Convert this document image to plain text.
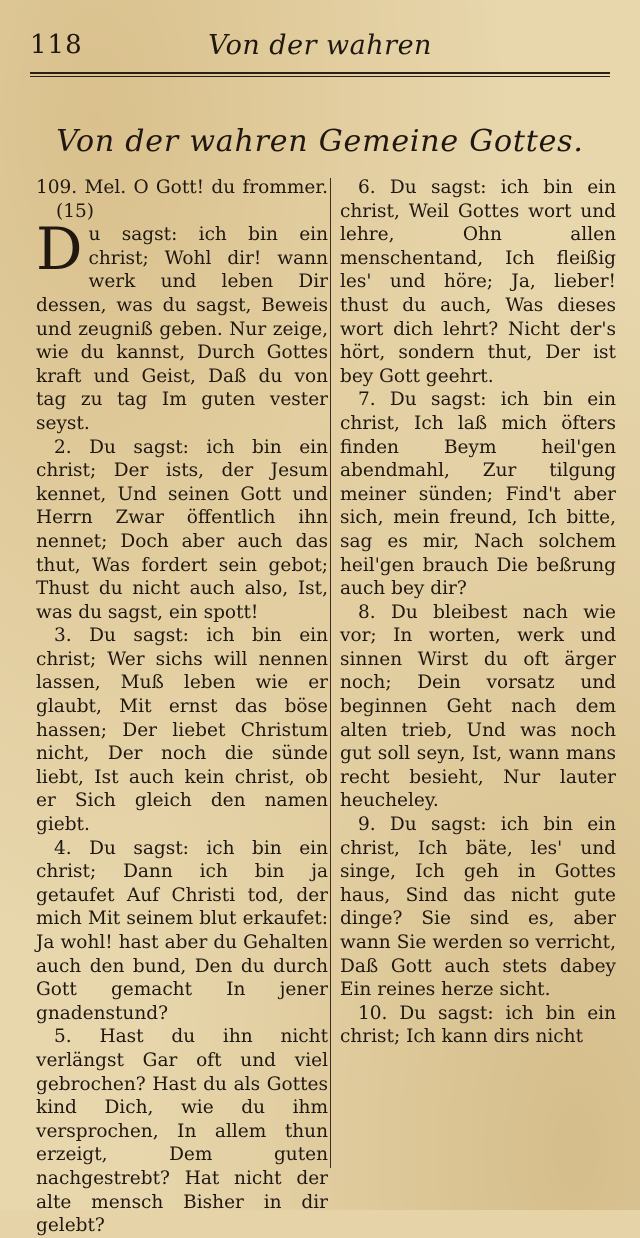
118	Von der wahren
Von der wahren Gemeine Gottes.

109. Mel. O Gott! du frommer. (15)

D u sagst: ich bin ein christ; Wohl dir! wann werk und leben Dir dessen, was du sagst, Beweis und zeugniß geben. Nur zeige, wie du kannst, Durch Gottes kraft und Geist, Daß du von tag zu tag Im guten vester seyst.

2. Du sagst: ich bin ein christ; Der ists, der Jesum kennet, Und seinen Gott und Herrn Zwar öffentlich ihn nennet; Doch aber auch das thut, Was fordert sein gebot; Thust du nicht auch also, Ist, was du sagst, ein spott!

3. Du sagst: ich bin ein christ; Wer sichs will nennen lassen, Muß leben wie er glaubt, Mit ernst das böse hassen; Der liebet Christum nicht, Der noch die sünde liebt, Ist auch kein christ, ob er Sich gleich den namen giebt.

4. Du sagst: ich bin ein christ; Dann ich bin ja getaufet Auf Christi tod, der mich Mit seinem blut erkaufet: Ja wohl! hast aber du Gehalten auch den bund, Den du durch Gott gemacht In jener gnadenstund?

5. Hast du ihn nicht verlängst Gar oft und viel gebrochen? Hast du als Gottes kind Dich, wie du ihm versprochen, In allem thun erzeigt, Dem guten nachgestrebt? Hat nicht der alte mensch Bisher in dir gelebt?

6. Du sagst: ich bin ein christ, Weil Gottes wort und lehre, Ohn allen menschentand, Ich fleißig les' und höre; Ja, lieber! thust du auch, Was dieses wort dich lehrt? Nicht der's hört, sondern thut, Der ist bey Gott geehrt.

7. Du sagst: ich bin ein christ, Ich laß mich öfters finden Beym heil'gen abendmahl, Zur tilgung meiner sünden; Find't aber sich, mein freund, Ich bitte, sag es mir, Nach solchem heil'gen brauch Die beßrung auch bey dir?

8. Du bleibest nach wie vor; In worten, werk und sinnen Wirst du oft ärger noch; Dein vorsatz und beginnen Geht nach dem alten trieb, Und was noch gut soll seyn, Ist, wann mans recht besieht, Nur lauter heucheley.

9. Du sagst: ich bin ein christ, Ich bäte, les' und singe, Ich geh in Gottes haus, Sind das nicht gute dinge? Sie sind es, aber wann Sie werden so verricht, Daß Gott auch stets dabey Ein reines herze sicht.

10. Du sagst: ich bin ein christ; Ich kann dirs nicht
